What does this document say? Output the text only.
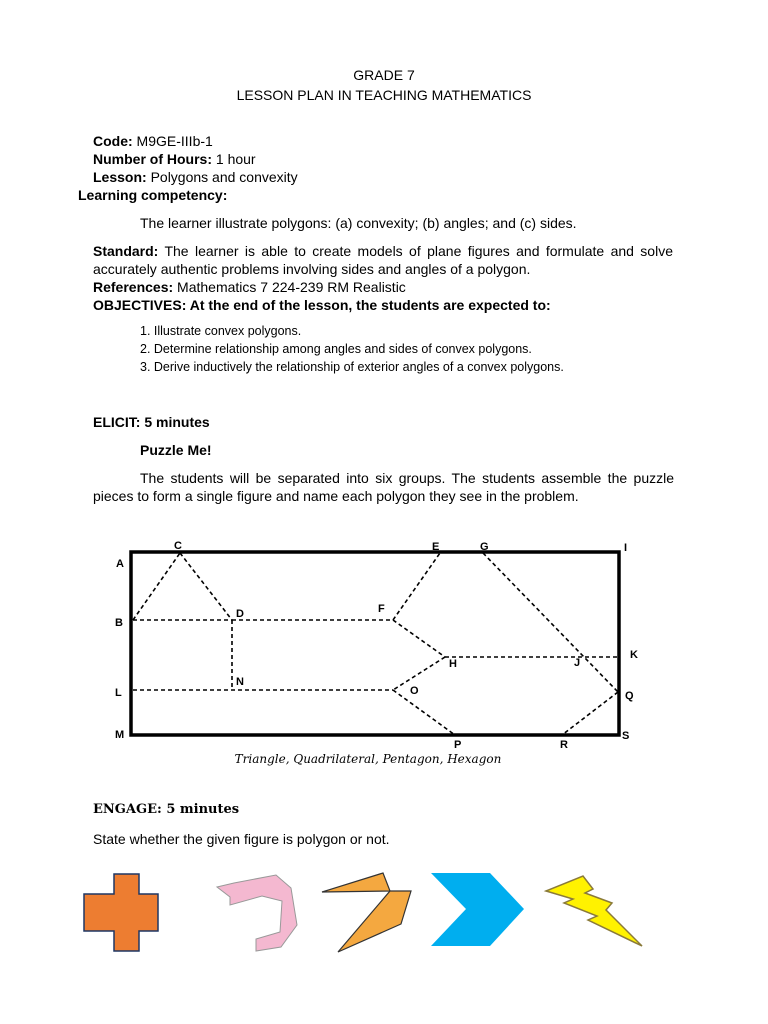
GRADE 7
LESSON PLAN IN TEACHING MATHEMATICS
Code: M9GE-IIIb-1
Number of Hours: 1 hour
Lesson: Polygons and convexity
Learning competency:
The learner illustrate polygons: (a) convexity; (b) angles; and (c) sides.
Standard: The learner is able to create models of plane figures and formulate and solve accurately authentic problems involving sides and angles of a polygon.
References: Mathematics 7 224-239 RM Realistic
OBJECTIVES: At the end of the lesson, the students are expected to:
1. Illustrate convex polygons.
2. Determine relationship among angles and sides of convex polygons.
3. Derive inductively the relationship of exterior angles of a convex polygons.
ELICIT: 5 minutes
Puzzle Me!
The students will be separated into six groups. The students assemble the puzzle pieces to form a single figure and name each polygon they see in the problem.
A
B
C
D
E
F
G
H
I
J
K
L
M
N
O
P
Q
R
S
Triangle, Quadrilateral, Pentagon, Hexagon
ENGAGE: 5 minutes
State whether the given figure is polygon or not.
